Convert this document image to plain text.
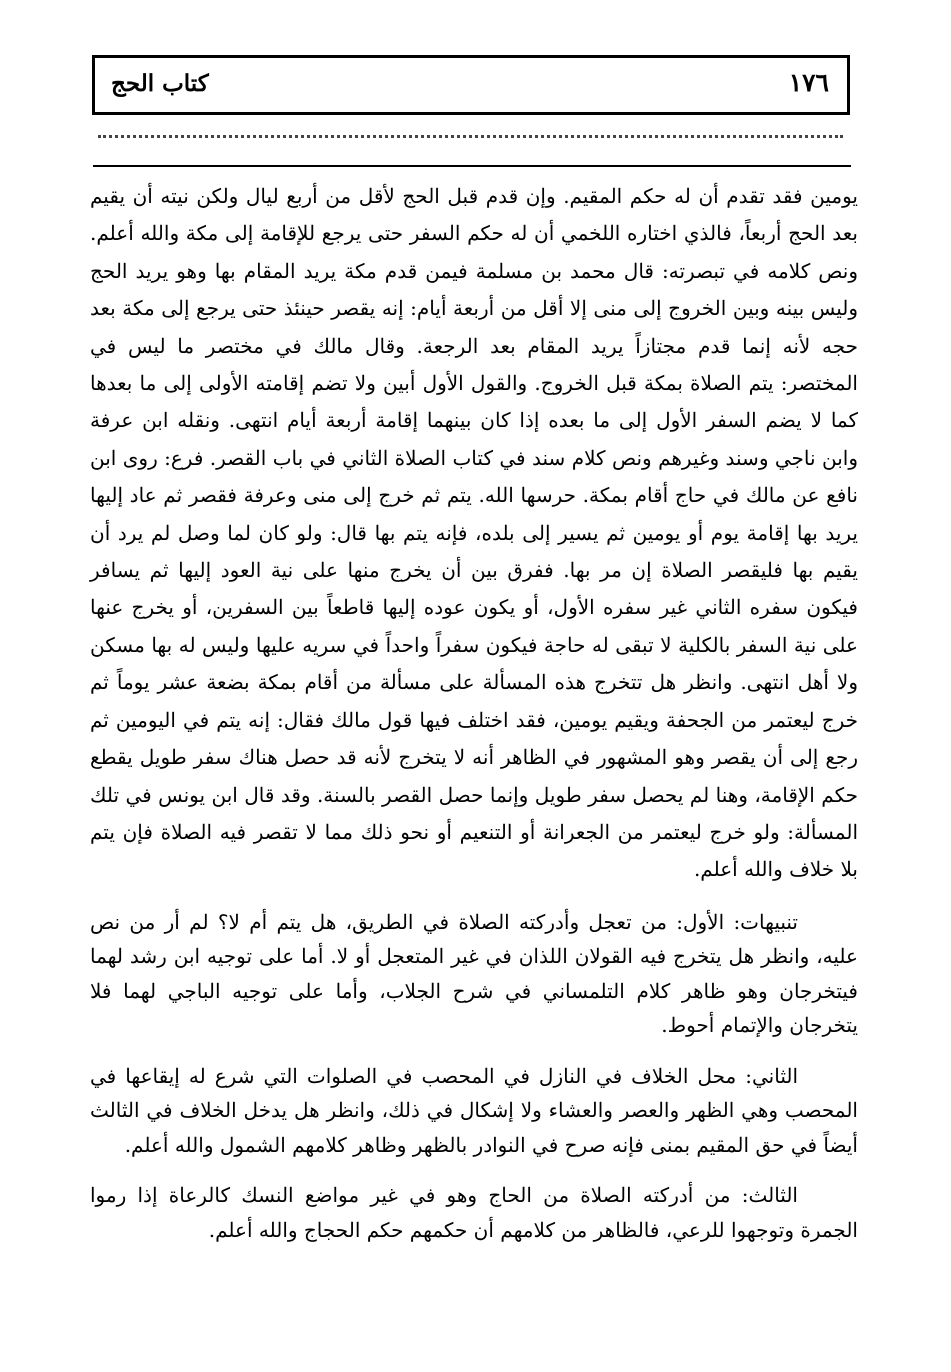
كتاب الحج	١٧٦

يومين فقد تقدم أن له حكم المقيم. وإن قدم قبل الحج لأقل من أربع ليال ولكن نيته أن يقيم بعد الحج أربعاً، فالذي اختاره اللخمي أن له حكم السفر حتى يرجع للإقامة إلى مكة والله أعلم. ونص كلامه في تبصرته: قال محمد بن مسلمة فيمن قدم مكة يريد المقام بها وهو يريد الحج وليس بينه وبين الخروج إلى منى إلا أقل من أربعة أيام: إنه يقصر حينئذ حتى يرجع إلى مكة بعد حجه لأنه إنما قدم مجتازاً يريد المقام بعد الرجعة. وقال مالك في مختصر ما ليس في المختصر: يتم الصلاة بمكة قبل الخروج. والقول الأول أبين ولا تضم إقامته الأولى إلى ما بعدها كما لا يضم السفر الأول إلى ما بعده إذا كان بينهما إقامة أربعة أيام انتهى. ونقله ابن عرفة وابن ناجي وسند وغيرهم ونص كلام سند في كتاب الصلاة الثاني في باب القصر. فرع: روى ابن نافع عن مالك في حاج أقام بمكة. حرسها الله. يتم ثم خرج إلى منى وعرفة فقصر ثم عاد إليها يريد بها إقامة يوم أو يومين ثم يسير إلى بلده، فإنه يتم بها قال: ولو كان لما وصل لم يرد أن يقيم بها فليقصر الصلاة إن مر بها. ففرق بين أن يخرج منها على نية العود إليها ثم يسافر فيكون سفره الثاني غير سفره الأول، أو يكون عوده إليها قاطعاً بين السفرين، أو يخرج عنها على نية السفر بالكلية لا تبقى له حاجة فيكون سفراً واحداً في سريه عليها وليس له بها مسكن ولا أهل انتهى. وانظر هل تتخرج هذه المسألة على مسألة من أقام بمكة بضعة عشر يوماً ثم خرج ليعتمر من الجحفة ويقيم يومين، فقد اختلف فيها قول مالك فقال: إنه يتم في اليومين ثم رجع إلى أن يقصر وهو المشهور في الظاهر أنه لا يتخرج لأنه قد حصل هناك سفر طويل يقطع حكم الإقامة، وهنا لم يحصل سفر طويل وإنما حصل القصر بالسنة. وقد قال ابن يونس في تلك المسألة: ولو خرج ليعتمر من الجعرانة أو التنعيم أو نحو ذلك مما لا تقصر فيه الصلاة فإن يتم بلا خلاف والله أعلم.

تنبيهات: الأول: من تعجل وأدركته الصلاة في الطريق، هل يتم أم لا؟ لم أر من نص عليه، وانظر هل يتخرج فيه القولان اللذان في غير المتعجل أو لا. أما على توجيه ابن رشد لهما فيتخرجان وهو ظاهر كلام التلمساني في شرح الجلاب، وأما على توجيه الباجي لهما فلا يتخرجان والإتمام أحوط.

الثاني: محل الخلاف في النازل في المحصب في الصلوات التي شرع له إيقاعها في المحصب وهي الظهر والعصر والعشاء ولا إشكال في ذلك، وانظر هل يدخل الخلاف في الثالث أيضاً في حق المقيم بمنى فإنه صرح في النوادر بالظهر وظاهر كلامهم الشمول والله أعلم.

الثالث: من أدركته الصلاة من الحاج وهو في غير مواضع النسك كالرعاة إذا رموا الجمرة وتوجهوا للرعي، فالظاهر من كلامهم أن حكمهم حكم الحجاج والله أعلم.
